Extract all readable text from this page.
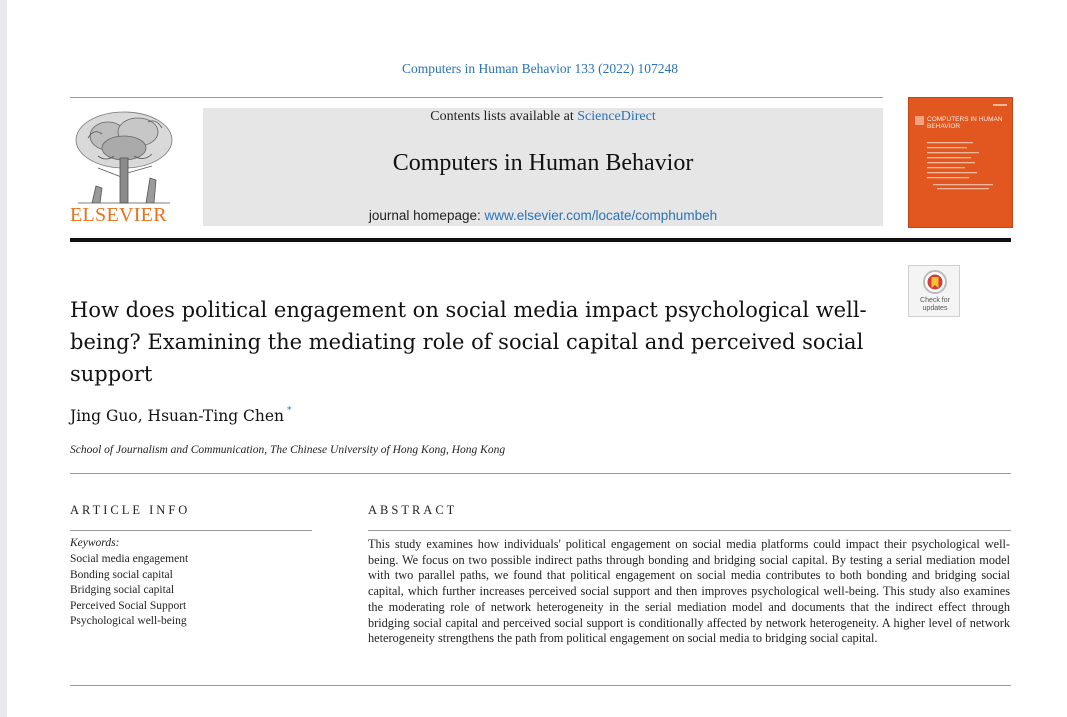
Computers in Human Behavior 133 (2022) 107248
ELSEVIER
Contents lists available at ScienceDirect
Computers in Human Behavior
journal homepage: www.elsevier.com/locate/comphumbeh
COMPUTERS IN HUMAN BEHAVIOR
Check for
updates
How does political engagement on social media impact psychological well-being? Examining the mediating role of social capital and perceived social support
Jing Guo, Hsuan-Ting Chen *
School of Journalism and Communication, The Chinese University of Hong Kong, Hong Kong
ARTICLE INFO
Keywords:
Social media engagement
Bonding social capital
Bridging social capital
Perceived Social Support
Psychological well-being
ABSTRACT

This study examines how individuals' political engagement on social media platforms could impact their psychological well-being. We focus on two possible indirect paths through bonding and bridging social capital. By testing a serial mediation model with two parallel paths, we found that political engagement on social media contributes to both bonding and bridging social capital, which further increases perceived social support and then improves psychological well-being. This study also examines the moderating role of network heterogeneity in the serial mediation model and documents that the indirect effect through bridging social capital and perceived social support is conditionally affected by network heterogeneity. A higher level of network heterogeneity strengthens the path from political engagement on social media to bridging social capital.
